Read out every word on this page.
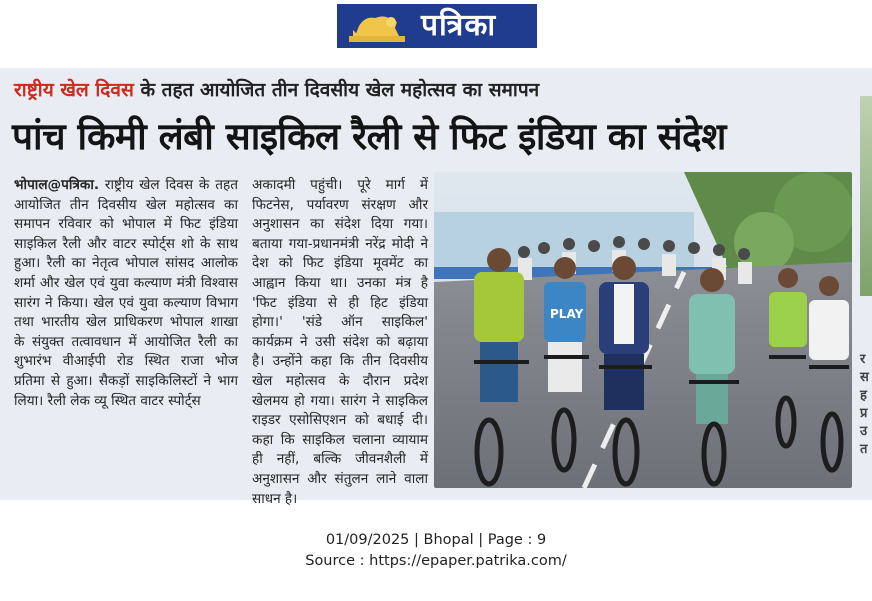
पत्रिका
राष्ट्रीय खेल दिवस के तहत आयोजित तीन दिवसीय खेल महोत्सव का समापन
पांच किमी लंबी साइकिल रैली से फिट इंडिया का संदेश
भोपाल@पत्रिका. राष्ट्रीय खेल दिवस के तहत आयोजित तीन दिवसीय खेल महोत्सव का समापन रविवार को भोपाल में फिट इंडिया साइकिल रैली और वाटर स्पोर्ट्स शो के साथ हुआ। रैली का नेतृत्व भोपाल सांसद आलोक शर्मा और खेल एवं युवा कल्याण मंत्री विश्वास सारंग ने किया। खेल एवं युवा कल्याण विभाग तथा भारतीय खेल प्राधिकरण भोपाल शाखा के संयुक्त तत्वावधान में आयोजित रैली का शुभारंभ वीआईपी रोड स्थित राजा भोज प्रतिमा से हुआ। सैकड़ों साइकिलिस्टों ने भाग लिया। रैली लेक व्यू स्थित वाटर स्पोर्ट्स
अकादमी पहुंची। पूरे मार्ग में फिटनेस, पर्यावरण संरक्षण और अनुशासन का संदेश दिया गया। बताया गया-प्रधानमंत्री नरेंद्र मोदी ने देश को फिट इंडिया मूवमेंट का आह्वान किया था। उनका मंत्र है 'फिट इंडिया से ही हिट इंडिया होगा।' 'संडे ऑन साइकिल' कार्यक्रम ने उसी संदेश को बढ़ाया है। उन्होंने कहा कि तीन दिवसीय खेल महोत्सव के दौरान प्रदेश खेलमय हो गया। सारंग ने साइकिल राइडर एसोसिएशन को बधाई दी। कहा कि साइकिल चलाना व्यायाम ही नहीं, बल्कि जीवनशैली में अनुशासन और संतुलन लाने वाला साधन है।
PLAY
र
स
ह
प्र
उ
त
01/09/2025 | Bhopal | Page : 9
Source : https://epaper.patrika.com/
